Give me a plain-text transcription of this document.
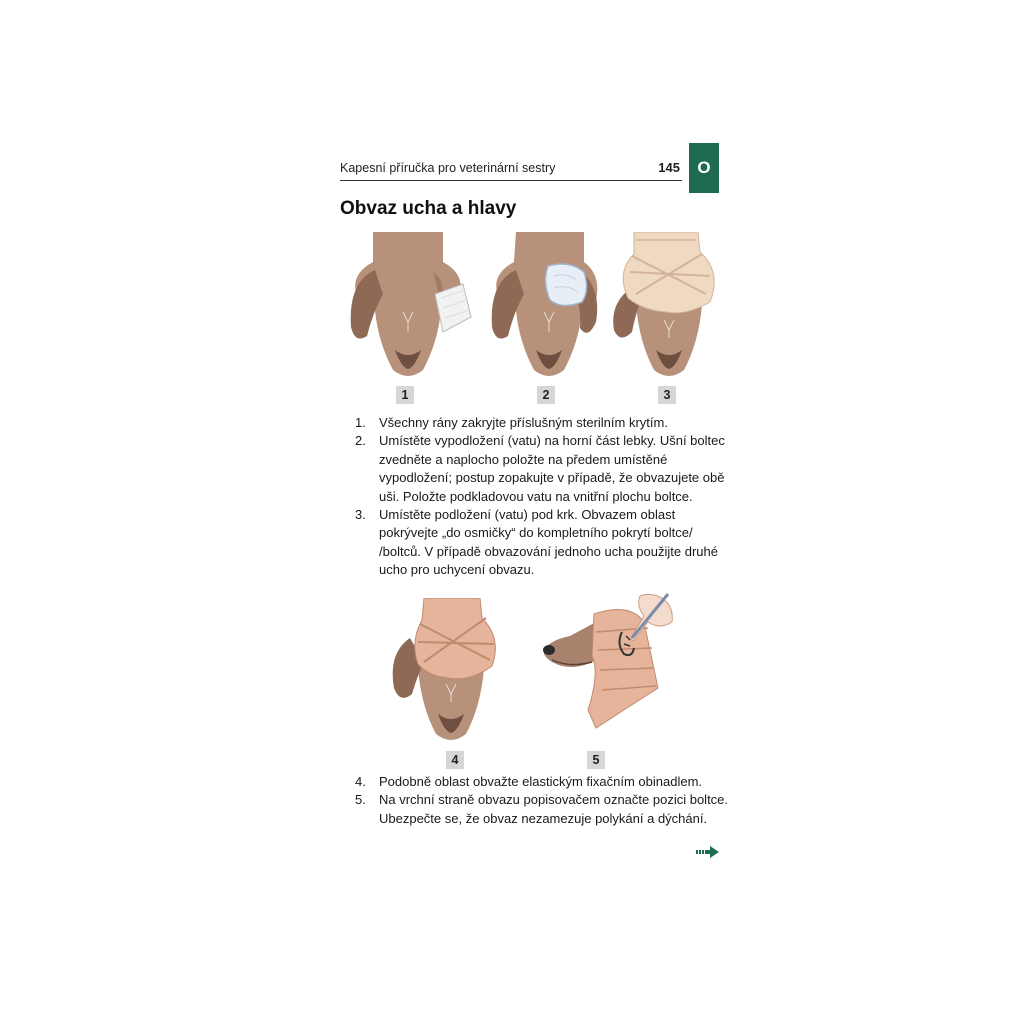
Kapesní příručka pro veterinární sestry	145	O
Obvaz ucha a hlavy
1	2	3
1. Všechny rány zakryjte příslušným sterilním krytím.
2. Umístěte vypodložení (vatu) na horní část lebky. Ušní boltec zvedněte a naplocho položte na předem umístěné vypodložení; postup zopakujte v případě, že obvazujete obě uši. Položte podkladovou vatu na vnitřní plochu boltce.
3. Umístěte podložení (vatu) pod krk. Obvazem oblast pokrývejte „do osmičky“ do kompletního pokrytí boltce/ /boltců. V případě obvazování jednoho ucha použijte druhé ucho pro uchycení obvazu.
4	5
4. Podobně oblast obvažte elastickým fixačním obinadlem.
5. Na vrchní straně obvazu popisovačem označte pozici boltce. Ubezpečte se, že obvaz nezamezuje polykání a dýchání.
